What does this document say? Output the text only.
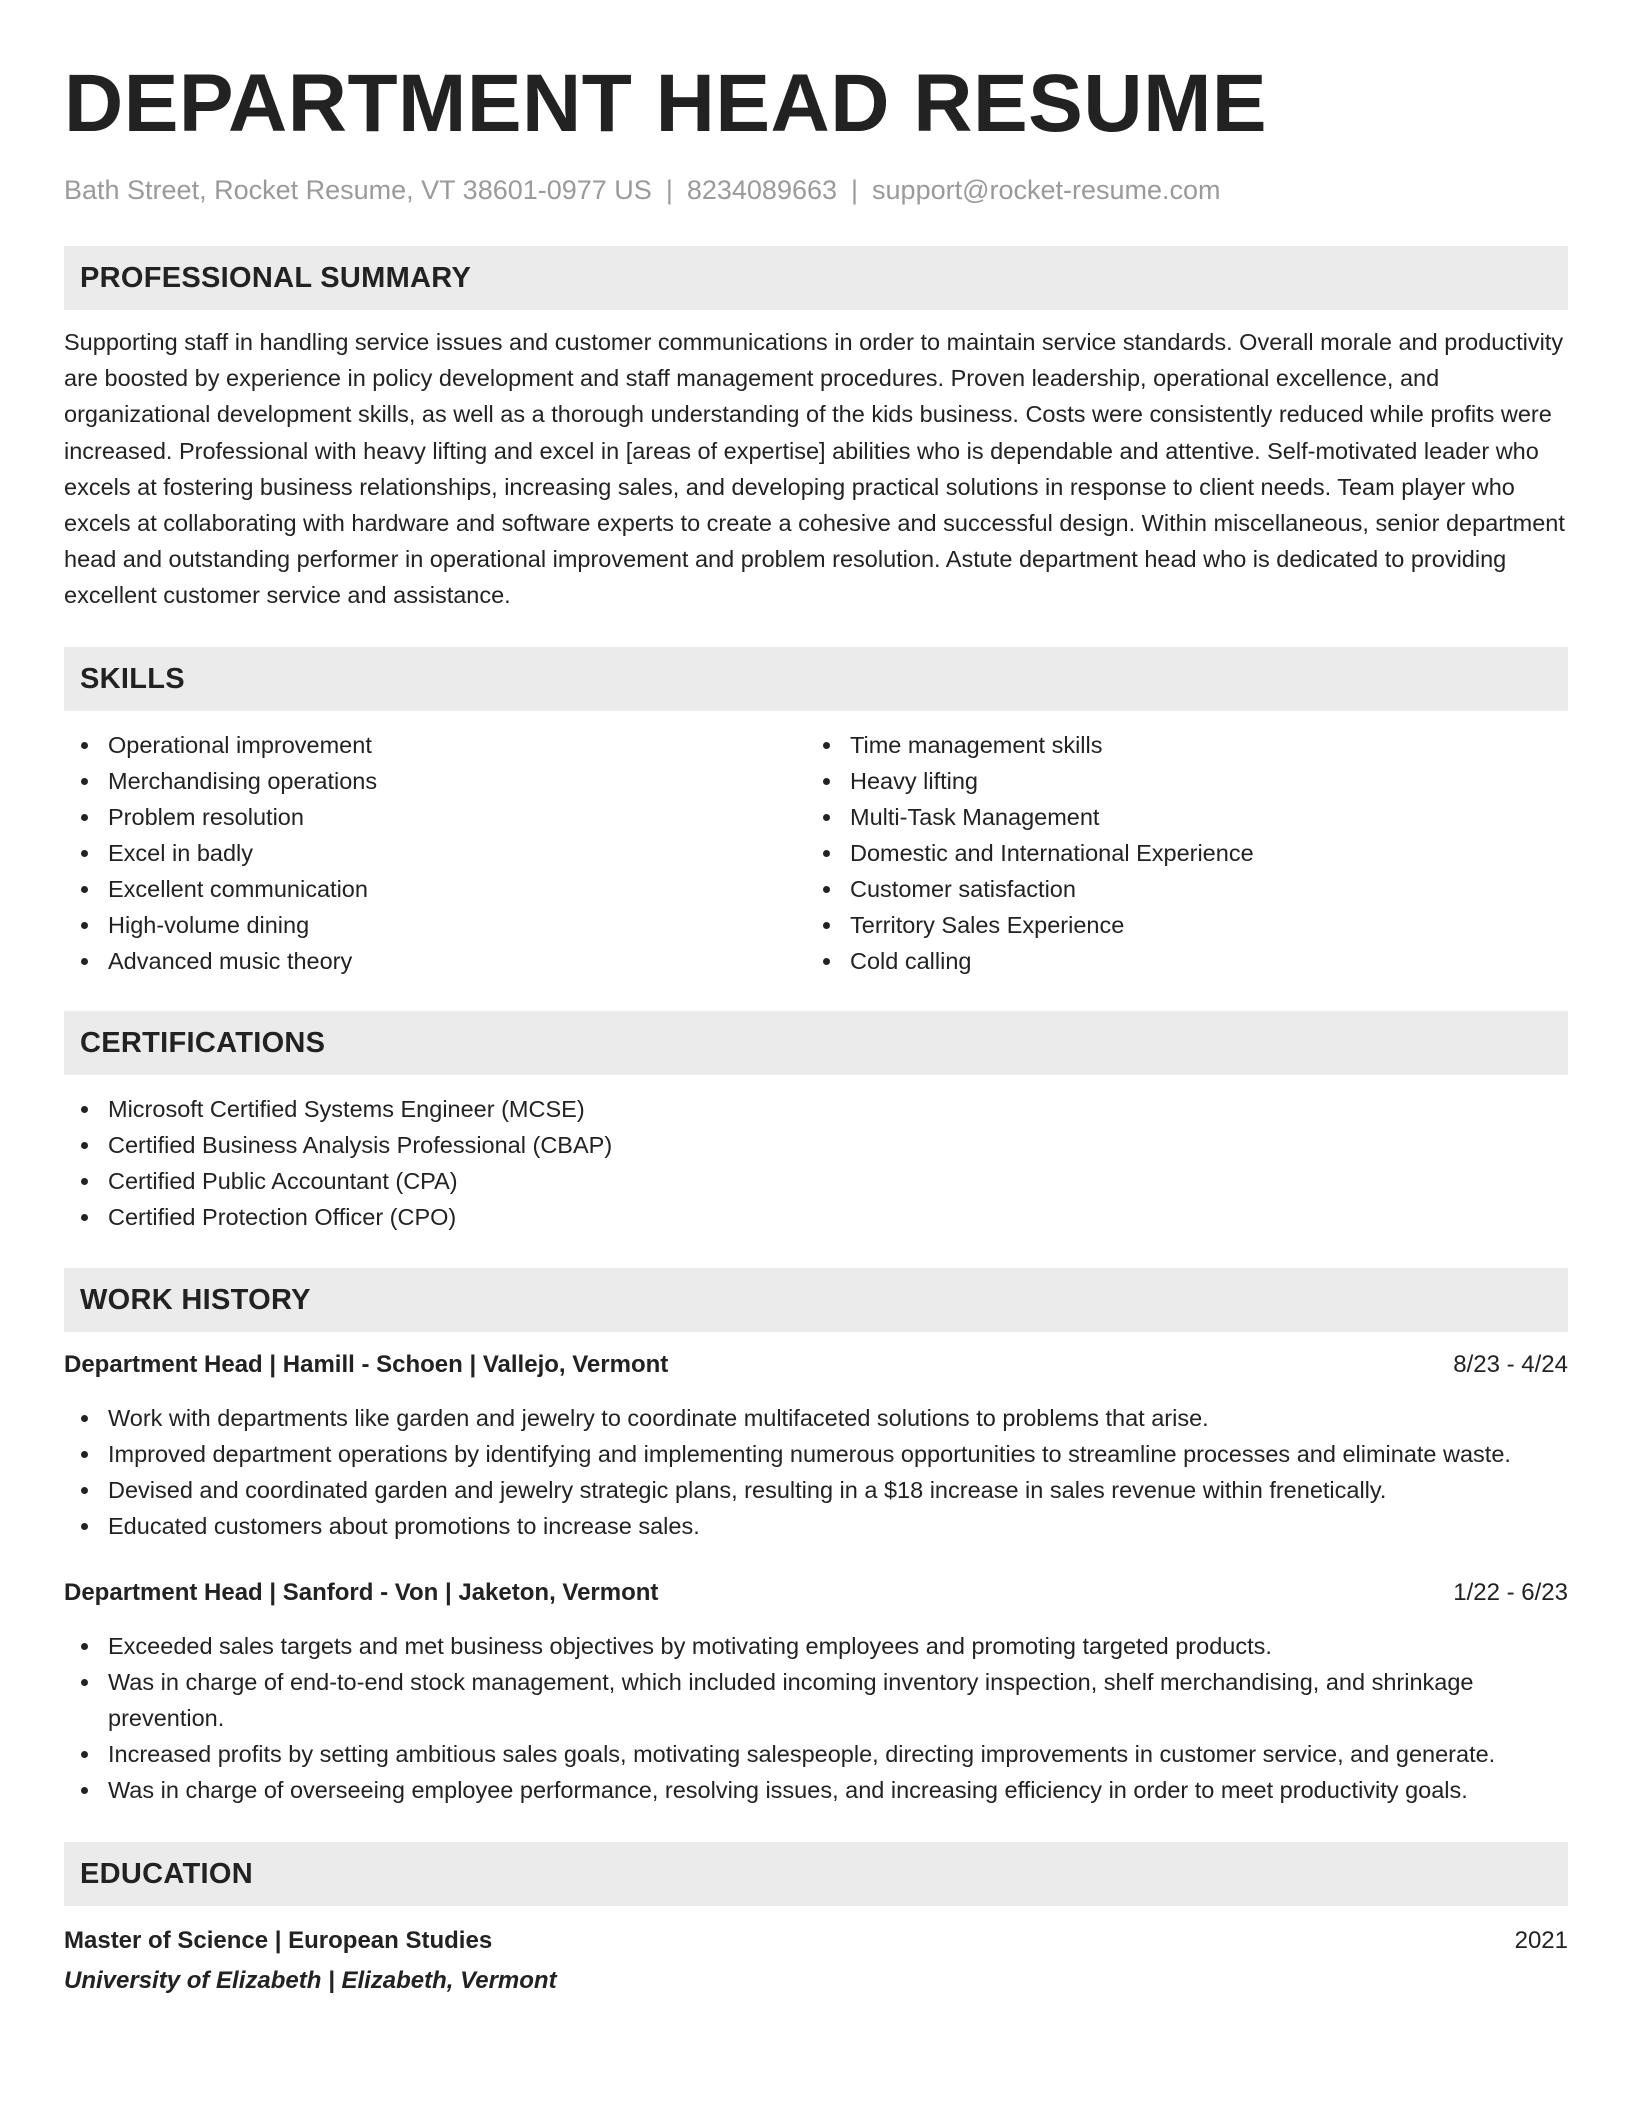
DEPARTMENT HEAD RESUME
Bath Street, Rocket Resume, VT 38601-0977 US | 8234089663 | support@rocket-resume.com
PROFESSIONAL SUMMARY
Supporting staff in handling service issues and customer communications in order to maintain service standards. Overall morale and productivity are boosted by experience in policy development and staff management procedures. Proven leadership, operational excellence, and organizational development skills, as well as a thorough understanding of the kids business. Costs were consistently reduced while profits were increased. Professional with heavy lifting and excel in [areas of expertise] abilities who is dependable and attentive. Self-motivated leader who excels at fostering business relationships, increasing sales, and developing practical solutions in response to client needs. Team player who excels at collaborating with hardware and software experts to create a cohesive and successful design. Within miscellaneous, senior department head and outstanding performer in operational improvement and problem resolution. Astute department head who is dedicated to providing excellent customer service and assistance.
SKILLS
Operational improvement
Merchandising operations
Problem resolution
Excel in badly
Excellent communication
High-volume dining
Advanced music theory
Time management skills
Heavy lifting
Multi-Task Management
Domestic and International Experience
Customer satisfaction
Territory Sales Experience
Cold calling
CERTIFICATIONS
Microsoft Certified Systems Engineer (MCSE)
Certified Business Analysis Professional (CBAP)
Certified Public Accountant (CPA)
Certified Protection Officer (CPO)
WORK HISTORY
Department Head | Hamill - Schoen | Vallejo, Vermont	8/23 - 4/24
Work with departments like garden and jewelry to coordinate multifaceted solutions to problems that arise.
Improved department operations by identifying and implementing numerous opportunities to streamline processes and eliminate waste.
Devised and coordinated garden and jewelry strategic plans, resulting in a $18 increase in sales revenue within frenetically.
Educated customers about promotions to increase sales.
Department Head | Sanford - Von | Jaketon, Vermont	1/22 - 6/23
Exceeded sales targets and met business objectives by motivating employees and promoting targeted products.
Was in charge of end-to-end stock management, which included incoming inventory inspection, shelf merchandising, and shrinkage prevention.
Increased profits by setting ambitious sales goals, motivating salespeople, directing improvements in customer service, and generate.
Was in charge of overseeing employee performance, resolving issues, and increasing efficiency in order to meet productivity goals.
EDUCATION
Master of Science | European Studies	2021
University of Elizabeth | Elizabeth, Vermont
